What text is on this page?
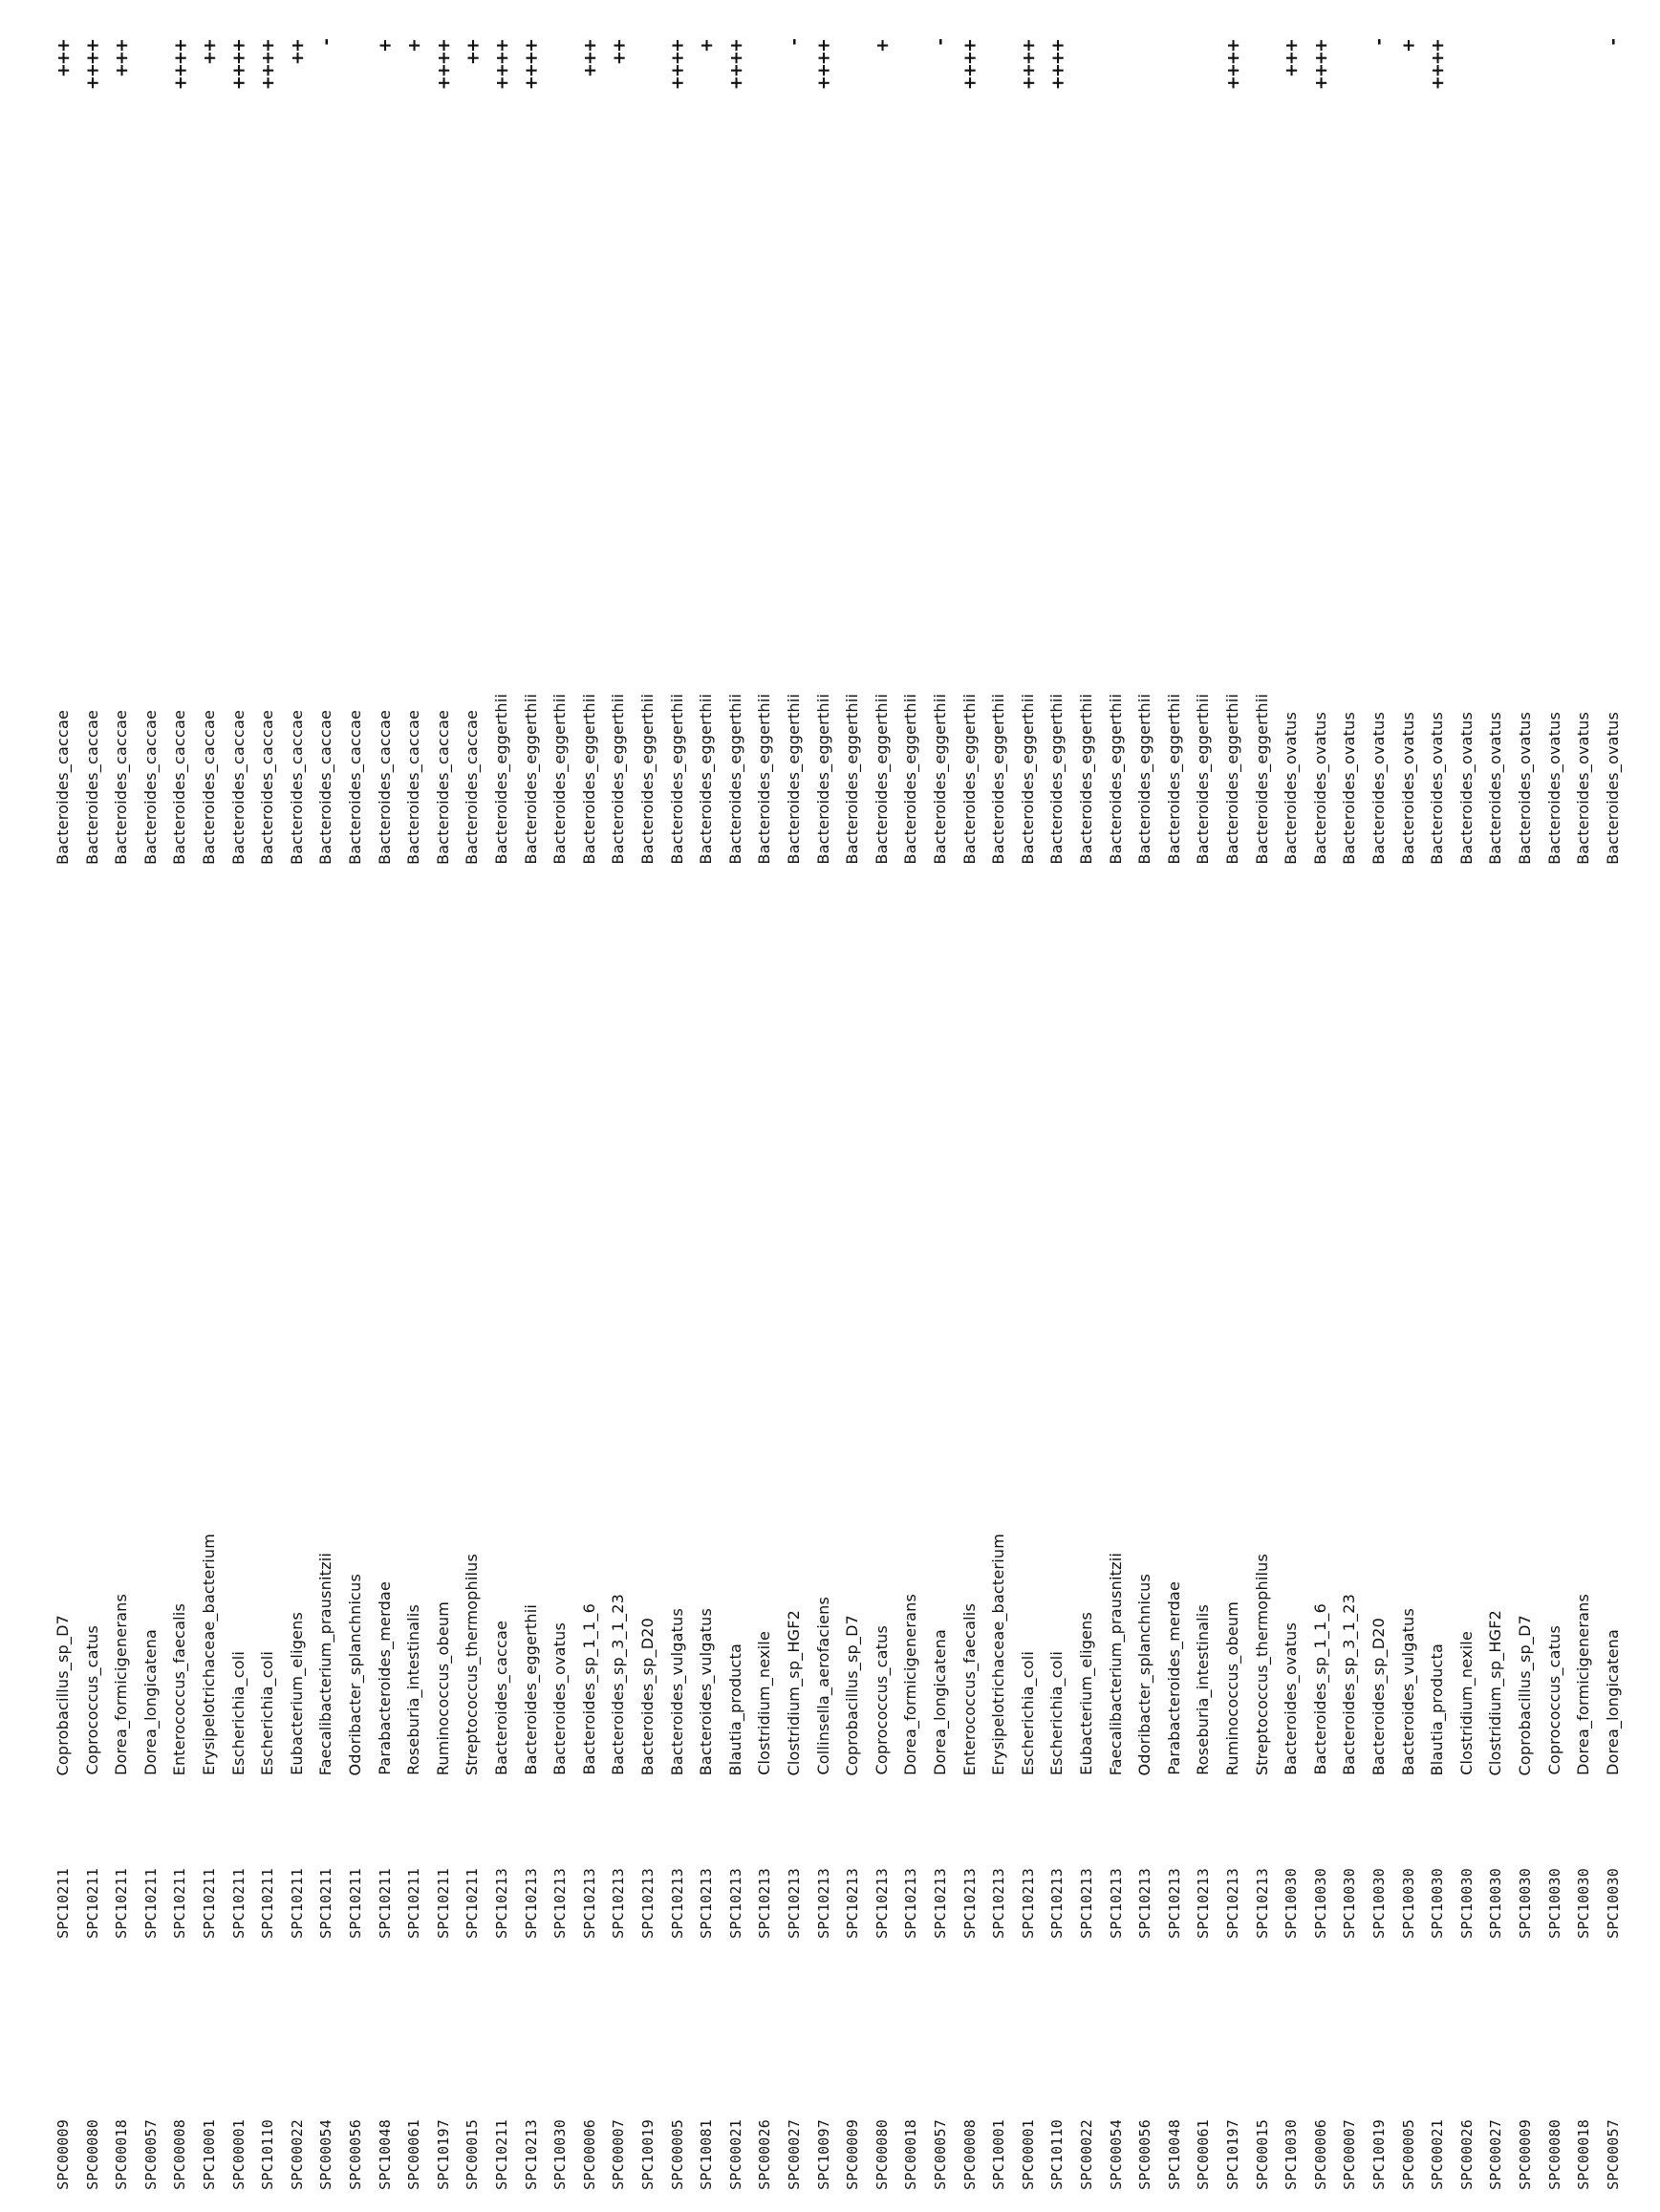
SPC00009 SPC00080 SPC00018 SPC00057 SPC00008 SPC10001 SPC00001 SPC10110 SPC00022 SPC00054 SPC00056 SPC10048 SPC00061 SPC10197 SPC00015 SPC10211 SPC10213 SPC10030 SPC00006 SPC00007 SPC10019 SPC00005 SPC10081 SPC00021 SPC00026 SPC00027 SPC10097 SPC00009 SPC00080 SPC00018 SPC00057 SPC00008 SPC10001 SPC00001 SPC10110 SPC00022 SPC00054 SPC00056 SPC10048 SPC00061 SPC10197 SPC00015 SPC10030 SPC00006 SPC00007 SPC10019 SPC00005 SPC00021 SPC00026 SPC00027 SPC00009 SPC00080 SPC00018 SPC00057
SPC10211 SPC10211 SPC10211 SPC10211 SPC10211 SPC10211 SPC10211 SPC10211 SPC10211 SPC10211 SPC10211 SPC10211 SPC10211 SPC10211 SPC10211 SPC10213 SPC10213 SPC10213 SPC10213 SPC10213 SPC10213 SPC10213 SPC10213 SPC10213 SPC10213 SPC10213 SPC10213 SPC10213 SPC10213 SPC10213 SPC10213 SPC10213 SPC10213 SPC10213 SPC10213 SPC10213 SPC10213 SPC10213 SPC10213 SPC10213 SPC10213 SPC10213 SPC10030 SPC10030 SPC10030 SPC10030 SPC10030 SPC10030 SPC10030 SPC10030 SPC10030 SPC10030 SPC10030 SPC10030
Coprobacillus_sp_D7 Coprococcus_catus Dorea_formicigenerans Dorea_longicatena Enterococcus_faecalis Erysipelotrichaceae_bacterium Escherichia_coli Escherichia_coli Eubacterium_eligens Faecalibacterium_prausnitzii Odoribacter_splanchnicus Parabacteroides_merdae Roseburia_intestinalis Ruminococcus_obeum Streptococcus_thermophilus Bacteroides_caccae Bacteroides_eggerthii Bacteroides_ovatus Bacteroides_sp_1_1_6 Bacteroides_sp_3_1_23 Bacteroides_sp_D20 Bacteroides_vulgatus Bacteroides_vulgatus Blautia_producta Clostridium_nexile Clostridium_sp_HGF2 Collinsella_aerofaciens Coprobacillus_sp_D7 Coprococcus_catus Dorea_formicigenerans Dorea_longicatena Enterococcus_faecalis Erysipelotrichaceae_bacterium Escherichia_coli Escherichia_coli Eubacterium_eligens Faecalibacterium_prausnitzii Odoribacter_splanchnicus Parabacteroides_merdae Roseburia_intestinalis Ruminococcus_obeum Streptococcus_thermophilus Bacteroides_ovatus Bacteroides_sp_1_1_6 Bacteroides_sp_3_1_23 Bacteroides_sp_D20 Bacteroides_vulgatus Blautia_producta Clostridium_nexile Clostridium_sp_HGF2 Coprobacillus_sp_D7 Coprococcus_catus Dorea_formicigenerans Dorea_longicatena
Bacteroides_caccae Bacteroides_caccae Bacteroides_caccae Bacteroides_caccae Bacteroides_caccae Bacteroides_caccae Bacteroides_caccae Bacteroides_caccae Bacteroides_caccae Bacteroides_caccae Bacteroides_caccae Bacteroides_caccae Bacteroides_caccae Bacteroides_caccae Bacteroides_caccae Bacteroides_eggerthii Bacteroides_eggerthii Bacteroides_eggerthii Bacteroides_eggerthii Bacteroides_eggerthii Bacteroides_eggerthii Bacteroides_eggerthii Bacteroides_eggerthii Bacteroides_eggerthii Bacteroides_eggerthii Bacteroides_eggerthii Bacteroides_eggerthii Bacteroides_eggerthii Bacteroides_eggerthii Bacteroides_eggerthii Bacteroides_eggerthii Bacteroides_eggerthii Bacteroides_eggerthii Bacteroides_eggerthii Bacteroides_eggerthii Bacteroides_eggerthii Bacteroides_eggerthii Bacteroides_eggerthii Bacteroides_eggerthii Bacteroides_eggerthii Bacteroides_eggerthii Bacteroides_eggerthii Bacteroides_ovatus Bacteroides_ovatus Bacteroides_ovatus Bacteroides_ovatus Bacteroides_ovatus Bacteroides_ovatus Bacteroides_ovatus Bacteroides_ovatus Bacteroides_ovatus Bacteroides_ovatus Bacteroides_ovatus Bacteroides_ovatus
+++ ++++ +++ ++++ ++ ++++ ++++ ++ - + + ++++ ++ ++++ ++++ +++ ++ ++++ + ++++ - ++++ + - ++++ ++++ ++++	++++ +++ ++++ - + ++++	-
